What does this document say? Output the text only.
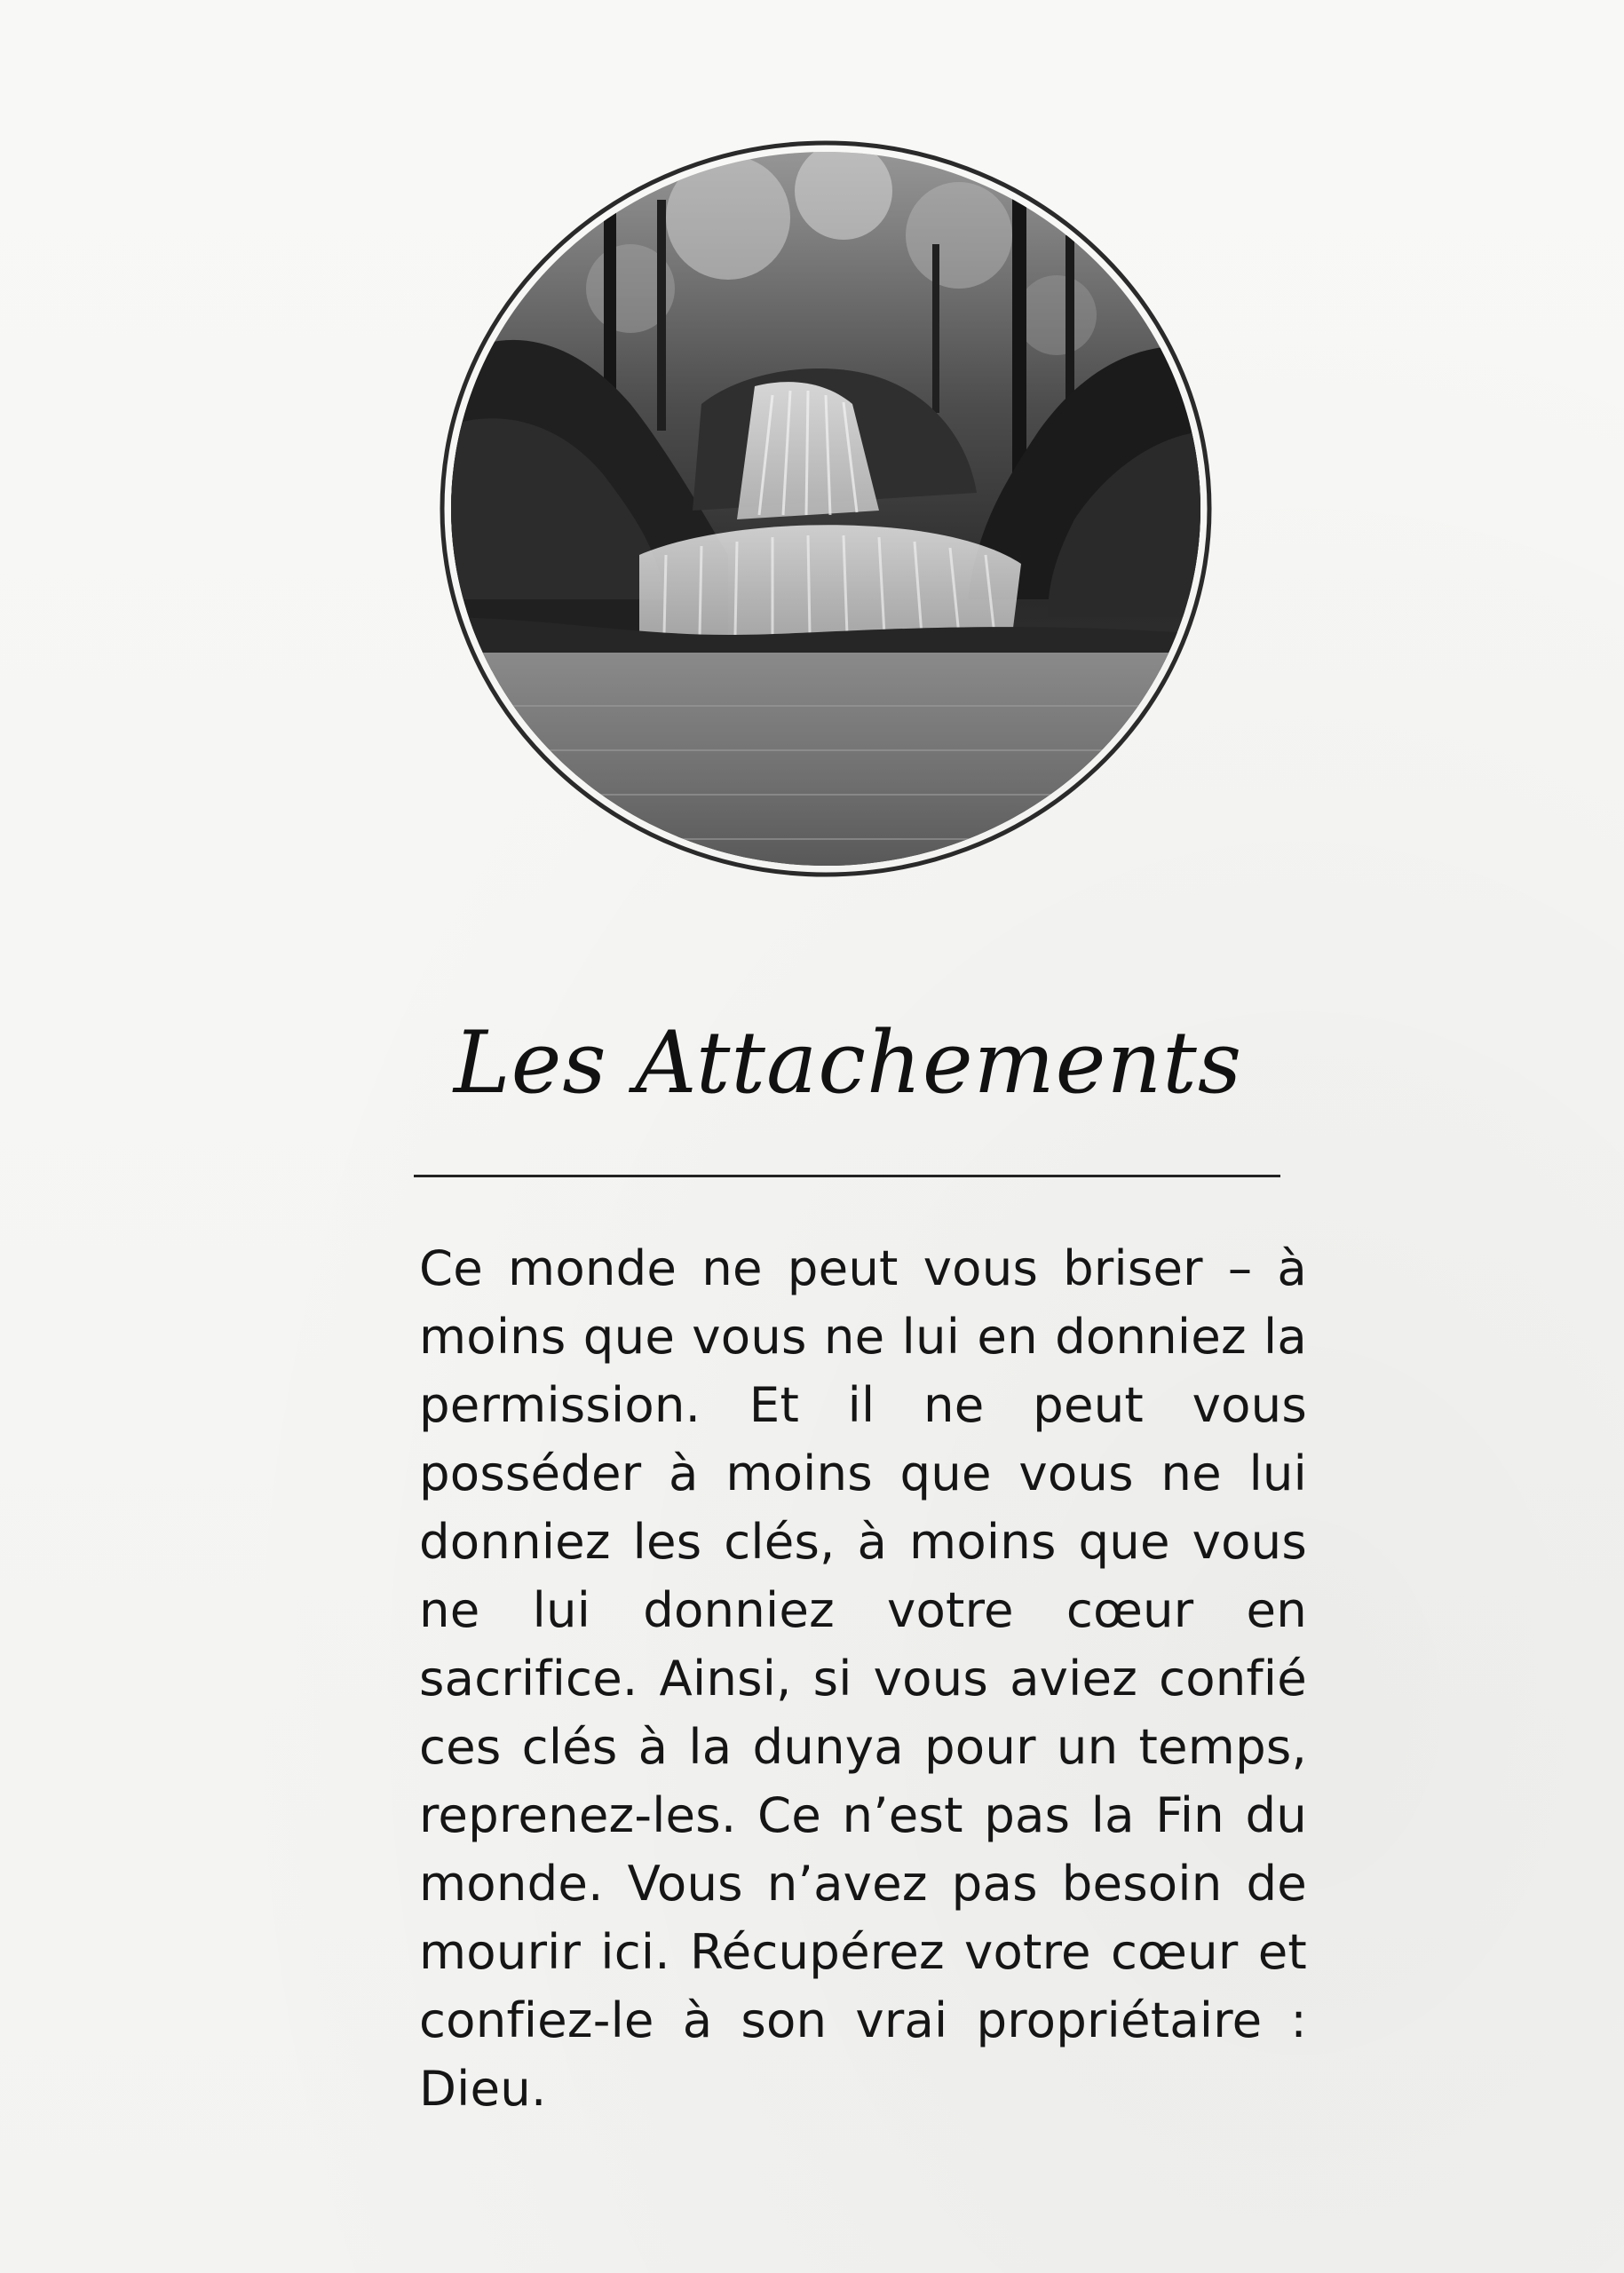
Les Attachements
Ce monde ne peut vous briser – à moins que vous ne lui en donniez la permission. Et il ne peut vous posséder à moins que vous ne lui donniez les clés, à moins que vous ne lui donniez votre cœur en sacrifice. Ainsi, si vous aviez confié ces clés à la dunya pour un temps, reprenez-les. Ce n’est pas la Fin du monde. Vous n’avez pas besoin de mourir ici. Récupérez votre cœur et confiez-le à son vrai propriétaire : Dieu.
